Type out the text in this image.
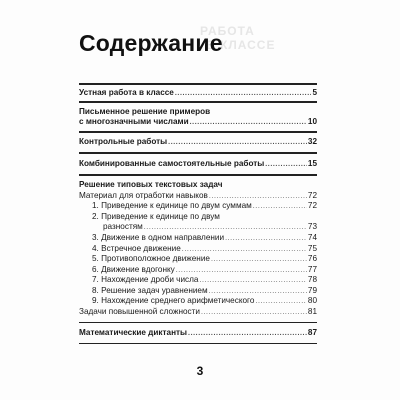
РАБОТА
В КЛАССЕ
Содержание
Устная работа в классе .....	5
Письменное решение примеров
с многозначными числами .....	10
Контрольные работы .....	32
Комбинированные самостоятельные работы .....	15
Решение типовых текстовых задач
Материал для отработки навыков .....	72
1. Приведение к единице по двум суммам .....	72
2. Приведение к единице по двум
разностям .....	73
3. Движение в одном направлении .....	74
4. Встречное движение .....	75
5. Противоположное движение .....	76
6. Движение вдогонку .....	77
7. Нахождение дроби числа .....	78
8. Решение задач уравнением .....	79
9. Нахождение среднего арифметического .....	80
Задачи повышенной сложности .....	81
Математические диктанты .....	87
3
